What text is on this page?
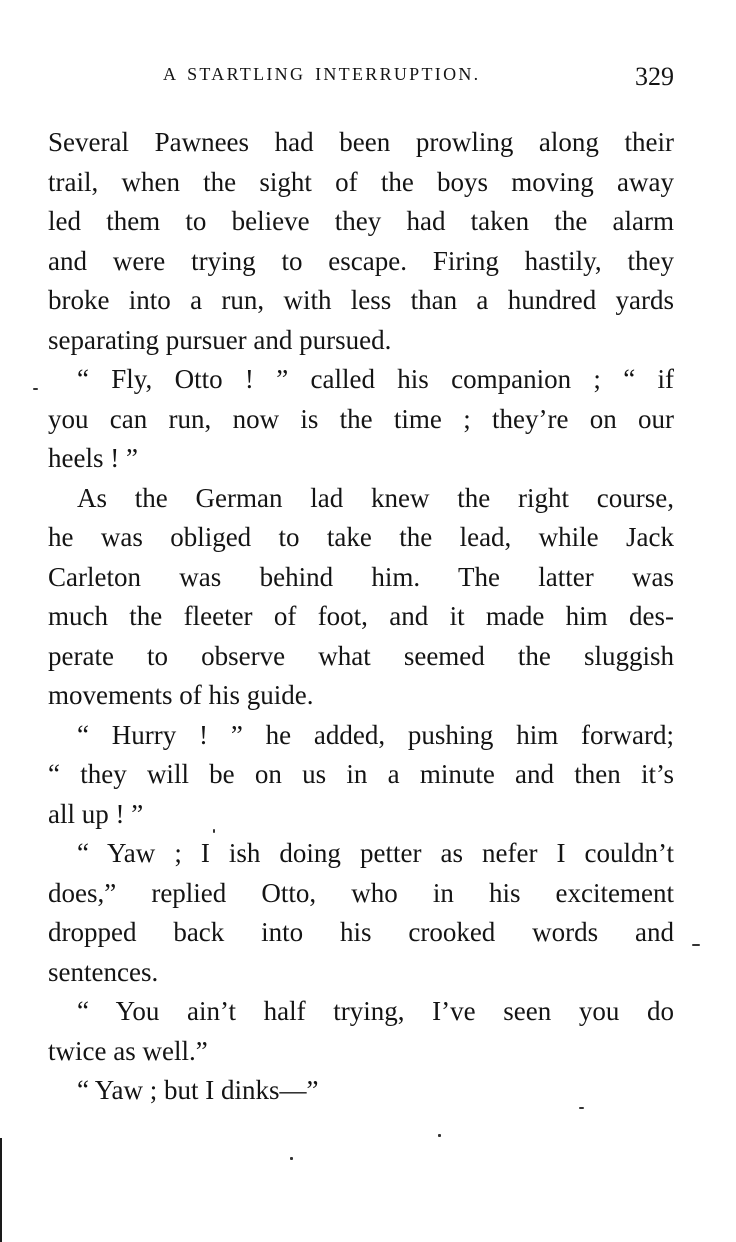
A STARTLING INTERRUPTION.	329
Several Pawnees had been prowling along their
trail, when the sight of the boys moving away
led them to believe they had taken the alarm
and were trying to escape. Firing hastily, they
broke into a run, with less than a hundred yards
separating pursuer and pursued.
“ Fly, Otto ! ” called his companion ; “ if
you can run, now is the time ; they’re on our
heels ! ”
As the German lad knew the right course,
he was obliged to take the lead, while Jack
Carleton was behind him. The latter was
much the fleeter of foot, and it made him des-
perate to observe what seemed the sluggish
movements of his guide.
“ Hurry ! ” he added, pushing him forward;
“ they will be on us in a minute and then it’s
all up ! ”
“ Yaw ; I ish doing petter as nefer I couldn’t
does,” replied Otto, who in his excitement
dropped back into his crooked words and
sentences.
“ You ain’t half trying, I’ve seen you do
twice as well.”
“ Yaw ; but I dinks—”
